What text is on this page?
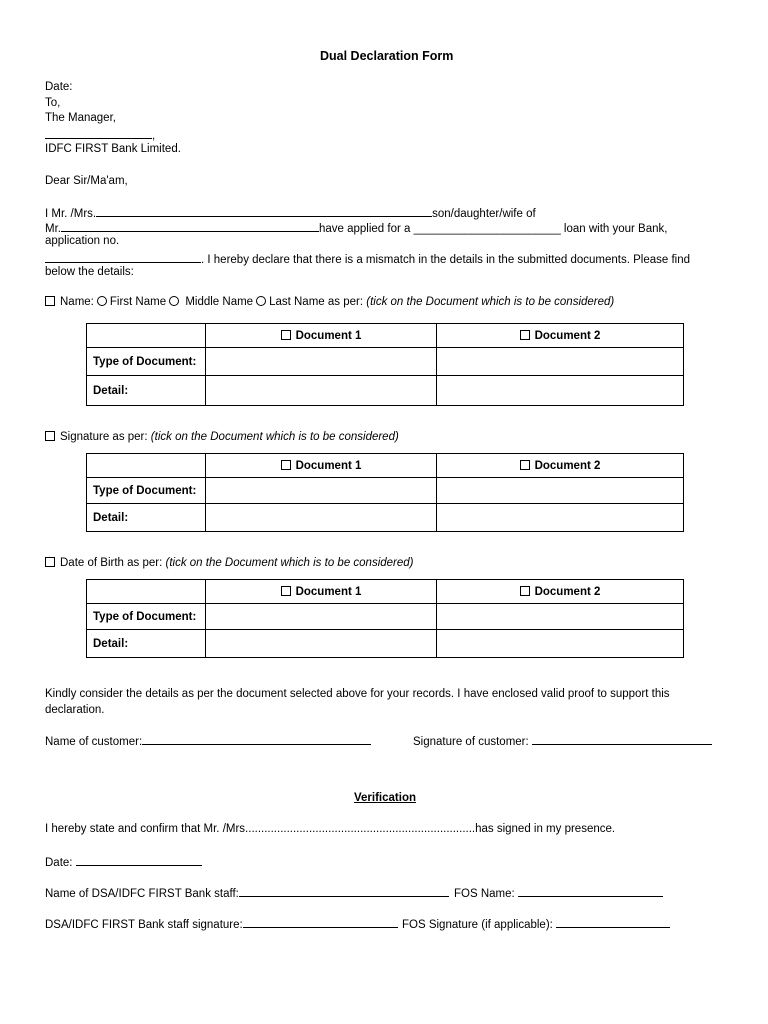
Dual Declaration Form
Date:
To,
The Manager,
,
IDFC FIRST Bank Limited.
Dear Sir/Ma'am,
I Mr. /Mrs.	son/daughter/wife of
Mr.	have applied for a _______________________ loan with your Bank,
application no.
. I hereby declare that there is a mismatch in the details in the submitted documents. Please find
below the details:
Name: First Name Middle Name Last Name as per: (tick on the Document which is to be considered)
	Document 1	Document 2
Type of Document:		
Detail:		
Signature as per: (tick on the Document which is to be considered)
	Document 1	Document 2
Type of Document:		
Detail:		
Date of Birth as per: (tick on the Document which is to be considered)
	Document 1	Document 2
Type of Document:		
Detail:		
Kindly consider the details as per the document selected above for your records. I have enclosed valid proof to support this
declaration.
Name of customer:	Signature of customer:
Verification
I hereby state and confirm that Mr. /Mrs........................................................................has signed in my presence.
Date:
Name of DSA/IDFC FIRST Bank staff:	FOS Name:
DSA/IDFC FIRST Bank staff signature:	FOS Signature (if applicable):
